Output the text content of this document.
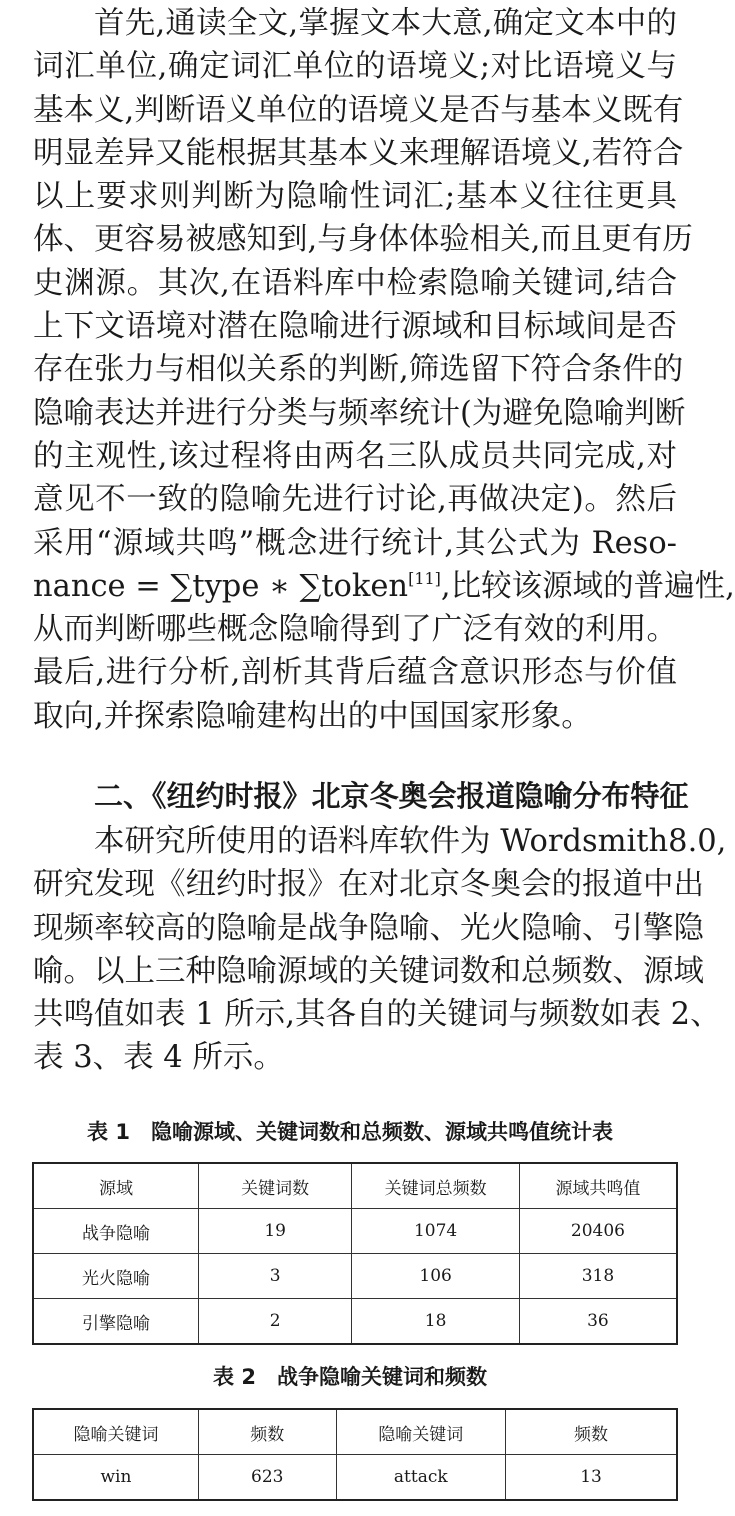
首先,通读全文,掌握文本大意,确定文本中的
词汇单位,确定词汇单位的语境义;对比语境义与
基本义,判断语义单位的语境义是否与基本义既有
明显差异又能根据其基本义来理解语境义,若符合
以上要求则判断为隐喻性词汇;基本义往往更具
体、更容易被感知到,与身体体验相关,而且更有历
史渊源。其次,在语料库中检索隐喻关键词,结合
上下文语境对潜在隐喻进行源域和目标域间是否
存在张力与相似关系的判断,筛选留下符合条件的
隐喻表达并进行分类与频率统计(为避免隐喻判断
的主观性,该过程将由两名三队成员共同完成,对
意见不一致的隐喻先进行讨论,再做决定)。然后
采用“源域共鸣”概念进行统计,其公式为 Reso-
nance = ∑type ∗ ∑token[11],比较该源域的普遍性,
从而判断哪些概念隐喻得到了广泛有效的利用。
最后,进行分析,剖析其背后蕴含意识形态与价值
取向,并探索隐喻建构出的中国国家形象。
二、《纽约时报》北京冬奥会报道隐喻分布特征
本研究所使用的语料库软件为 Wordsmith8.0,
研究发现《纽约时报》在对北京冬奥会的报道中出
现频率较高的隐喻是战争隐喻、光火隐喻、引擎隐
喻。以上三种隐喻源域的关键词数和总频数、源域
共鸣值如表 1 所示,其各自的关键词与频数如表 2、
表 3、表 4 所示。
表 1　隐喻源域、关键词数和总频数、源域共鸣值统计表
源域	关键词数	关键词总频数	源域共鸣值
战争隐喻	19	1074	20406
光火隐喻	3	106	318
引擎隐喻	2	18	36
表 2　战争隐喻关键词和频数
隐喻关键词	频数	隐喻关键词	频数
win	623	attack	13
